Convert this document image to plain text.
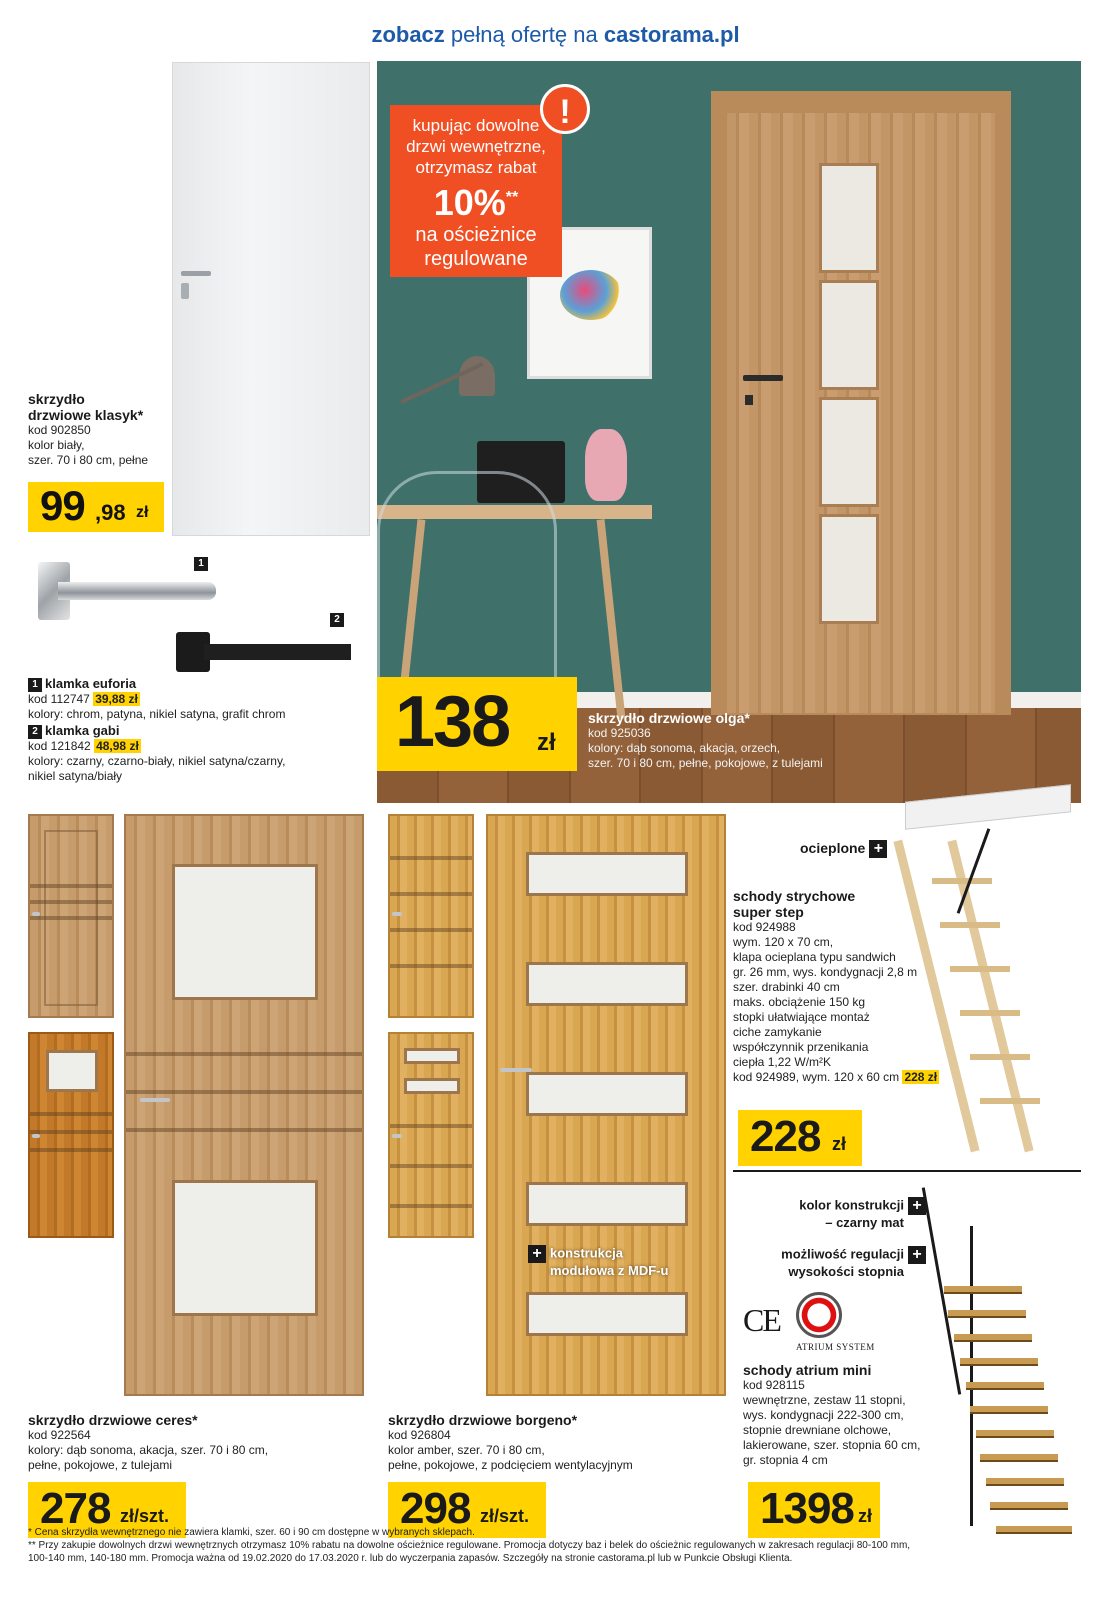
zobacz pełną ofertę na castorama.pl
skrzydło
drzwiowe klasyk*
kod 902850
kolor biały,
szer. 70 i 80 cm, pełne
99 ,98 zł
1
2
1 klamka euforia
kod 112747 39,88 zł
kolory: chrom, patyna, nikiel satyna, grafit chrom
2 klamka gabi
kod 121842 48,98 zł
kolory: czarny, czarno-biały, nikiel satyna/czarny,
nikiel satyna/biały
kupując dowolne
drzwi wewnętrzne,
otrzymasz rabat
10%**
na ościeżnice
regulowane
!
138 zł
skrzydło drzwiowe olga*
kod 925036
kolory: dąb sonoma, akacja, orzech,
szer. 70 i 80 cm, pełne, pokojowe, z tulejami
+ konstrukcja
modułowa z MDF-u
skrzydło drzwiowe ceres*
kod 922564
kolory: dąb sonoma, akacja, szer. 70 i 80 cm,
pełne, pokojowe, z tulejami
278 zł/szt.
skrzydło drzwiowe borgeno*
kod 926804
kolor amber, szer. 70 i 80 cm,
pełne, pokojowe, z podcięciem wentylacyjnym
298 zł/szt.
ocieplone +
schody strychowe
super step
kod 924988
wym. 120 x 70 cm,
klapa ocieplana typu sandwich
gr. 26 mm, wys. kondygnacji 2,8 m
szer. drabinki 40 cm
maks. obciążenie 150 kg
stopki ułatwiające montaż
ciche zamykanie
współczynnik przenikania
ciepła 1,22 W/m²K
kod 924989, wym. 120 x 60 cm 228 zł
228 zł
kolor konstrukcji +
– czarny mat
możliwość regulacji +
wysokości stopnia
CE
ATRIUM SYSTEM
schody atrium mini
kod 928115
wewnętrzne, zestaw 11 stopni,
wys. kondygnacji 222-300 cm,
stopnie drewniane olchowe,
lakierowane, szer. stopnia 60 cm,
gr. stopnia 4 cm
1398 zł
* Cena skrzydła wewnętrznego nie zawiera klamki, szer. 60 i 90 cm dostępne w wybranych sklepach.
** Przy zakupie dowolnych drzwi wewnętrznych otrzymasz 10% rabatu na dowolne ościeżnice regulowane. Promocja dotyczy baz i belek do ościeżnic regulowanych w zakresach regulacji 80-100 mm,
100-140 mm, 140-180 mm. Promocja ważna od 19.02.2020 do 17.03.2020 r. lub do wyczerpania zapasów. Szczegóły na stronie castorama.pl lub w Punkcie Obsługi Klienta.
